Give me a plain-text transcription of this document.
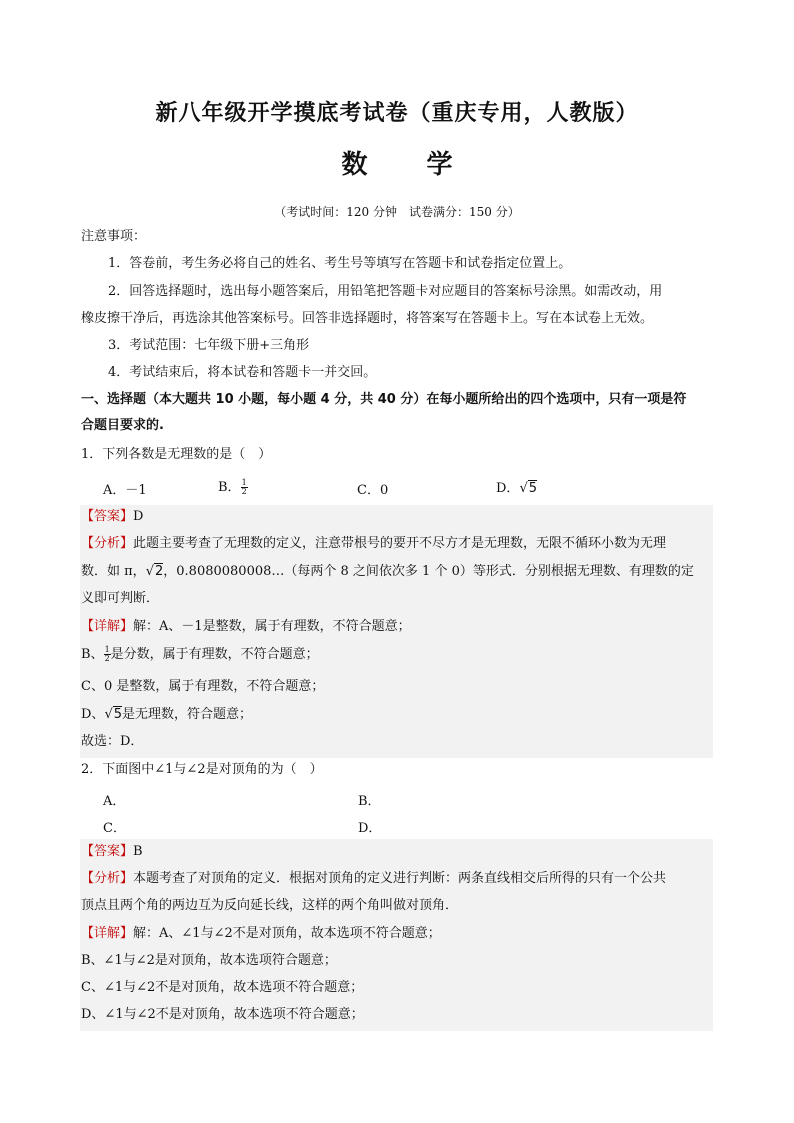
新八年级开学摸底考试卷（重庆专用，人教版）
数 学
（考试时间：120 分钟　试卷满分：150 分）
注意事项：
1．答卷前，考生务必将自己的姓名、考生号等填写在答题卡和试卷指定位置上。
2．回答选择题时，选出每小题答案后，用铅笔把答题卡对应题目的答案标号涂黑。如需改动，用
橡皮擦干净后，再选涂其他答案标号。回答非选择题时，将答案写在答题卡上。写在本试卷上无效。
3．考试范围：七年级下册+三角形
4．考试结束后，将本试卷和答题卡一并交回。
一、选择题（本大题共 10 小题，每小题 4 分，共 40 分）在每小题所给出的四个选项中，只有一项是符
合题目要求的.
1．下列各数是无理数的是（　）
A．－1	B． $\frac{1}{2}$	C．0	D．√5
【答案】D
【分析】此题主要考查了无理数的定义，注意带根号的要开不尽方才是无理数，无限不循环小数为无理
数．如 π，√2，0.8080080008…（每两个 8 之间依次多 1 个 0）等形式．分别根据无理数、有理数的定
义即可判断．
【详解】解：A、－1是整数，属于有理数，不符合题意；
B、 $\frac{1}{2}$ 是分数，属于有理数，不符合题意；
C、0 是整数，属于有理数，不符合题意；
D、√5是无理数，符合题意；
故选：D．
2．下面图中∠1与∠2是对顶角的为（　）
A．	B．
C．	D．
【答案】B
【分析】本题考查了对顶角的定义．根据对顶角的定义进行判断：两条直线相交后所得的只有一个公共
顶点且两个角的两边互为反向延长线，这样的两个角叫做对顶角．
【详解】解：A、∠1与∠2不是对顶角，故本选项不符合题意；
B、∠1与∠2是对顶角，故本选项符合题意；
C、∠1与∠2不是对顶角，故本选项不符合题意；
D、∠1与∠2不是对顶角，故本选项不符合题意；
